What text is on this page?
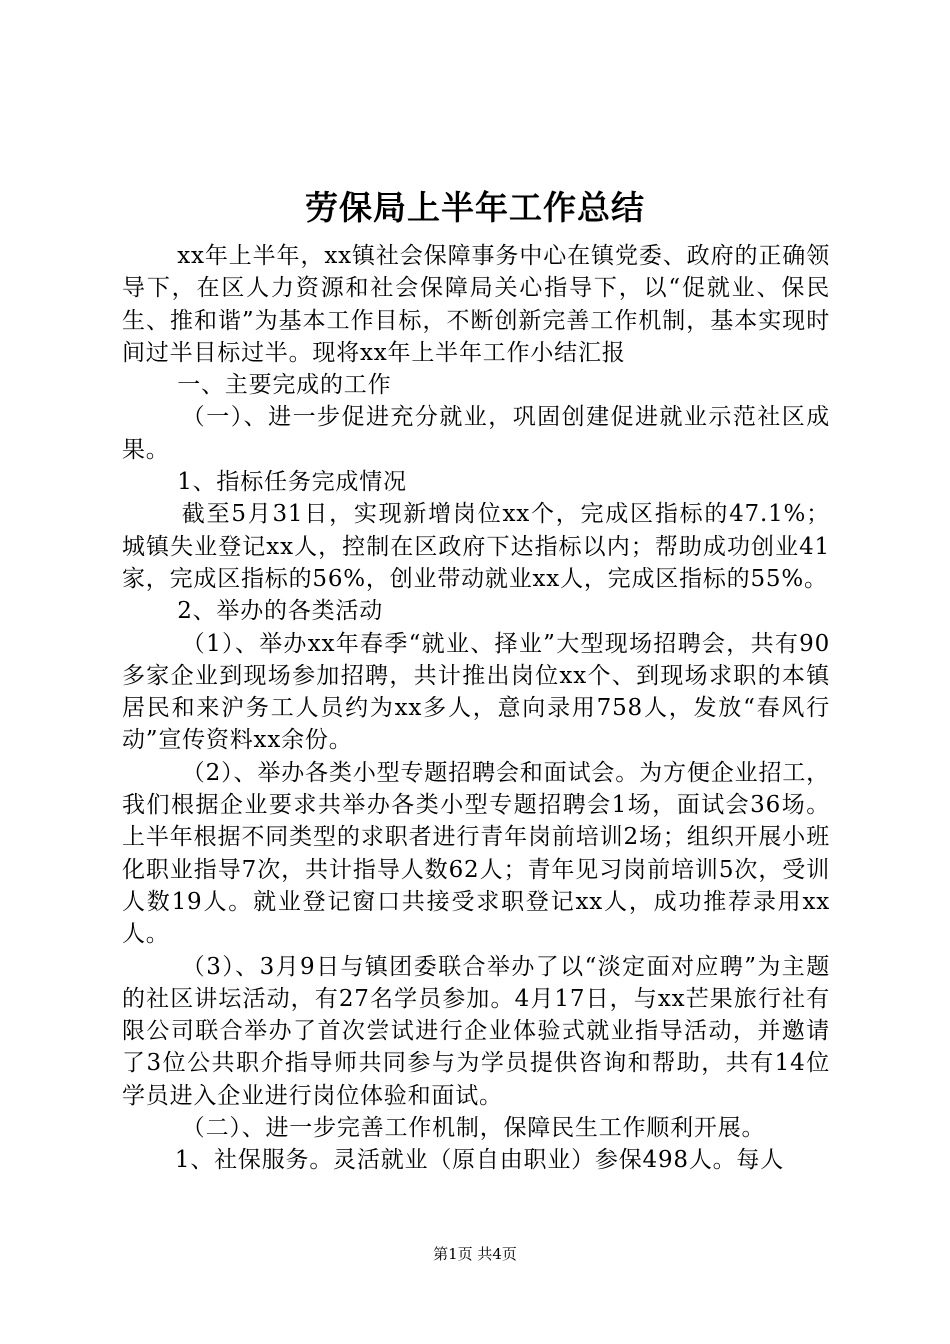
劳保局上半年工作总结

xx年上半年，xx镇社会保障事务中心在镇党委、政府的正确领导下，在区人力资源和社会保障局关心指导下，以“促就业、保民生、推和谐”为基本工作目标，不断创新完善工作机制，基本实现时间过半目标过半。现将xx年上半年工作小结汇报

一、主要完成的工作

（一）、进一步促进充分就业，巩固创建促进就业示范社区成果。

1、指标任务完成情况

截至5月31日，实现新增岗位xx个，完成区指标的47.1%；城镇失业登记xx人，控制在区政府下达指标以内；帮助成功创业41家，完成区指标的56%，创业带动就业xx人，完成区指标的55%。

2、举办的各类活动

（1）、举办xx年春季“就业、择业”大型现场招聘会，共有90多家企业到现场参加招聘，共计推出岗位xx个、到现场求职的本镇居民和来沪务工人员约为xx多人，意向录用758人，发放“春风行动”宣传资料xx余份。

（2）、举办各类小型专题招聘会和面试会。为方便企业招工，我们根据企业要求共举办各类小型专题招聘会1场，面试会36场。上半年根据不同类型的求职者进行青年岗前培训2场；组织开展小班化职业指导7次，共计指导人数62人；青年见习岗前培训5次，受训人数19人。就业登记窗口共接受求职登记xx人，成功推荐录用xx人。

（3）、3月9日与镇团委联合举办了以“淡定面对应聘”为主题的社区讲坛活动，有27名学员参加。4月17日，与xx芒果旅行社有限公司联合举办了首次尝试进行企业体验式就业指导活动，并邀请了3位公共职介指导师共同参与为学员提供咨询和帮助，共有14位学员进入企业进行岗位体验和面试。

（二）、进一步完善工作机制，保障民生工作顺利开展。

1、社保服务。灵活就业（原自由职业）参保498人。每人

第1页 共4页
